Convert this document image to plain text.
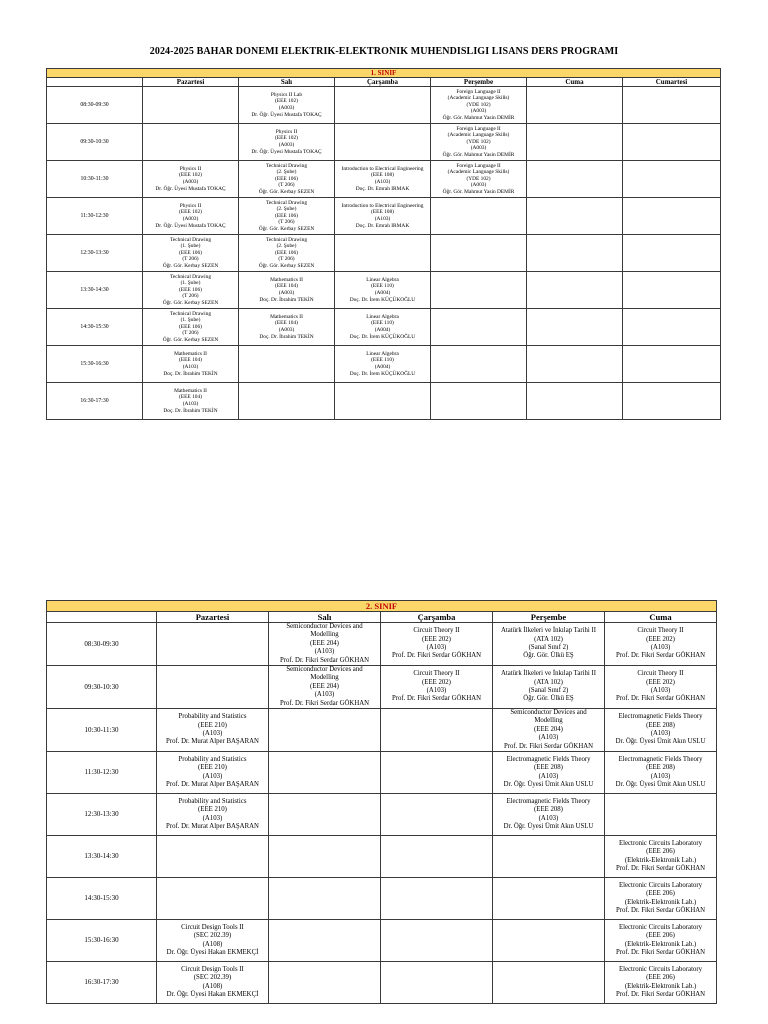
2024-2025 BAHAR DONEMI ELEKTRIK-ELEKTRONIK MUHENDISLIGI LISANS DERS PROGRAMI
1. SINIF						
	Pazartesi	Salı	Çarşamba	Perşembe	Cuma	Cumartesi
08:30-09:30		Physics II Lab
(EEE 102)
(A003)
Dr. Öğr. Üyesi Mustafa TOKAÇ		Foreign Language II
(Academic Language Skills)
(YDE 102)
(A003)
Öğr. Gör. Mahmut Yasin DEMİR		

09:30-10:30		Physics II
(EEE 102)
(A003)
Dr. Öğr. Üyesi Mustafa TOKAÇ		Foreign Language II
(Academic Language Skills)
(YDE 102)
(A003)
Öğr. Gör. Mahmut Yasin DEMİR		

10:30-11:30	Physics II
(EEE 102)
(A003)
Dr. Öğr. Üyesi Mustafa TOKAÇ	Technical Drawing
(2. Şube)
(EEE 106)
(T 206)
Öğr. Gör. Kerbay SEZEN	Introduction to Electrical Engineering
(EEE 108)
(A103)
Doç. Dr. Emrah IRMAK	Foreign Language II
(Academic Language Skills)
(YDE 102)
(A003)
Öğr. Gör. Mahmut Yasin DEMİR		

11:30-12:30	Physics II
(EEE 102)
(A003)
Dr. Öğr. Üyesi Mustafa TOKAÇ	Technical Drawing
(2. Şube)
(EEE 106)
(T 206)
Öğr. Gör. Kerbay SEZEN	Introduction to Electrical Engineering
(EEE 108)
(A103)
Doç. Dr. Emrah IRMAK			

12:30-13:30	Technical Drawing
(1. Şube)
(EEE 106)
(T 206)
Öğr. Gör. Kerbay SEZEN	Technical Drawing
(2. Şube)
(EEE 106)
(T 206)
Öğr. Gör. Kerbay SEZEN				

13:30-14:30	Technical Drawing
(1. Şube)
(EEE 106)
(T 206)
Öğr. Gör. Kerbay SEZEN	Mathematics II
(EEE 104)
(A003)
Doç. Dr. İbrahim TEKİN	Linear Algebra
(EEE 110)
(A004)
Doç. Dr. İrem KÜÇÜKOĞLU			

14:30-15:30	Technical Drawing
(1. Şube)
(EEE 106)
(T 206)
Öğr. Gör. Kerbay SEZEN	Mathematics II
(EEE 104)
(A003)
Doç. Dr. İbrahim TEKİN	Linear Algebra
(EEE 110)
(A004)
Doç. Dr. İrem KÜÇÜKOĞLU			

15:30-16:30	Mathematics II
(EEE 104)
(A103)
Doç. Dr. İbrahim TEKİN		Linear Algebra
(EEE 110)
(A004)
Doç. Dr. İrem KÜÇÜKOĞLU			

16:30-17:30	Mathematics II
(EEE 104)
(A103)
Doç. Dr. İbrahim TEKİN					

2. SINIF					
	Pazartesi	Salı	Çarşamba	Perşembe	Cuma
08:30-09:30		Semiconductor Devices and
Modelling
(EEE 204)
(A103)
Prof. Dr. Fikri Serdar GÖKHAN	Circuit Theory II
(EEE 202)
(A103)
Prof. Dr. Fikri Serdar GÖKHAN	Atatürk İlkeleri ve İnkılap Tarihi II
(ATA 102)
(Sanal Sınıf 2)
Öğr. Gör. Ülkü EŞ	Circuit Theory II
(EEE 202)
(A103)
Prof. Dr. Fikri Serdar GÖKHAN

09:30-10:30		Semiconductor Devices and
Modelling
(EEE 204)
(A103)
Prof. Dr. Fikri Serdar GÖKHAN	Circuit Theory II
(EEE 202)
(A103)
Prof. Dr. Fikri Serdar GÖKHAN	Atatürk İlkeleri ve İnkılap Tarihi II
(ATA 102)
(Sanal Sınıf 2)
Öğr. Gör. Ülkü EŞ	Circuit Theory II
(EEE 202)
(A103)
Prof. Dr. Fikri Serdar GÖKHAN

10:30-11:30	Probability and Statistics
(EEE 210)
(A103)
Prof. Dr. Murat Alper BAŞARAN			Semiconductor Devices and
Modelling
(EEE 204)
(A103)
Prof. Dr. Fikri Serdar GÖKHAN	Electromagnetic Fields Theory
(EEE 208)
(A103)
Dr. Öğr. Üyesi Ümit Akın USLU

11:30-12:30	Probability and Statistics
(EEE 210)
(A103)
Prof. Dr. Murat Alper BAŞARAN			Electromagnetic Fields Theory
(EEE 208)
(A103)
Dr. Öğr. Üyesi Ümit Akın USLU	Electromagnetic Fields Theory
(EEE 208)
(A103)
Dr. Öğr. Üyesi Ümit Akın USLU

12:30-13:30	Probability and Statistics
(EEE 210)
(A103)
Prof. Dr. Murat Alper BAŞARAN			Electromagnetic Fields Theory
(EEE 208)
(A103)
Dr. Öğr. Üyesi Ümit Akın USLU	

13:30-14:30					Electronic Circuits Laboratory
(EEE 206)
(Elektrik-Elektronik Lab.)
Prof. Dr. Fikri Serdar GÖKHAN

14:30-15:30					Electronic Circuits Laboratory
(EEE 206)
(Elektrik-Elektronik Lab.)
Prof. Dr. Fikri Serdar GÖKHAN

15:30-16:30	Circuit Design Tools II
(SEC 202.39)
(A108)
Dr. Öğr. Üyesi Hakan EKMEKÇİ				Electronic Circuits Laboratory
(EEE 206)
(Elektrik-Elektronik Lab.)
Prof. Dr. Fikri Serdar GÖKHAN

16:30-17:30	Circuit Design Tools II
(SEC 202.39)
(A108)
Dr. Öğr. Üyesi Hakan EKMEKÇİ				Electronic Circuits Laboratory
(EEE 206)
(Elektrik-Elektronik Lab.)
Prof. Dr. Fikri Serdar GÖKHAN
